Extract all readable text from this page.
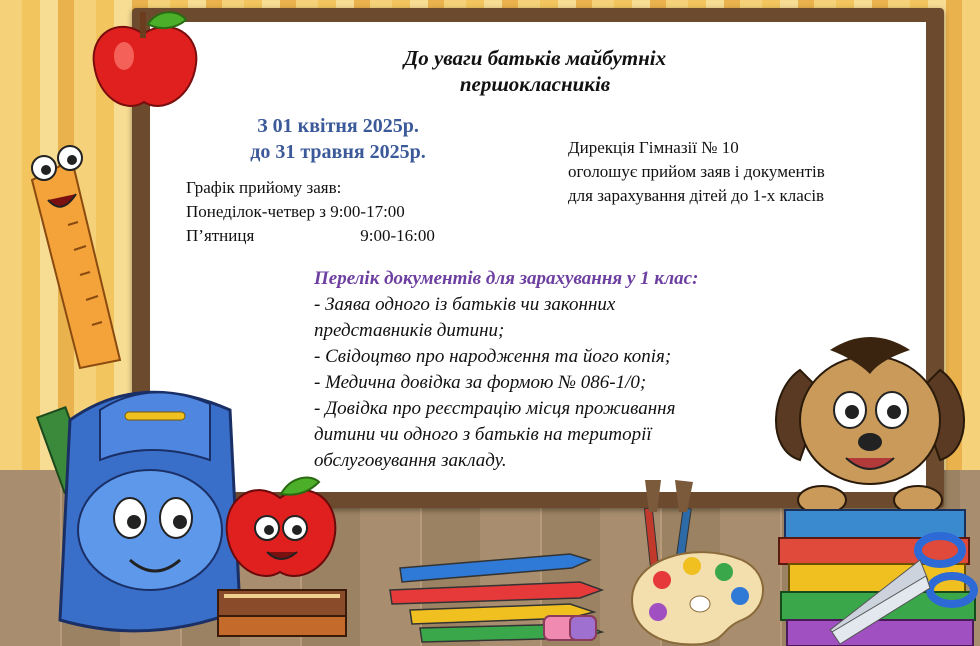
До уваги батьків майбутніх
першокласників
З 01 квітня 2025р.
до 31 травня 2025р.
Графік прийому заяв:
Понеділок-четвер з 9:00-17:00
П’ятниця	9:00-16:00
Дирекція Гімназії № 10
оголошує прийом заяв і документів
для зарахування дітей до 1-х класів
Перелік документів для зарахування у 1 клас:
- Заява одного із батьків чи законних
представників дитини;
- Свідоцтво про народження та його копія;
- Медична довідка за формою № 086-1/0;
- Довідка про реєстрацію місця проживання
дитини чи одного з батьків на території
обслуговування закладу.
